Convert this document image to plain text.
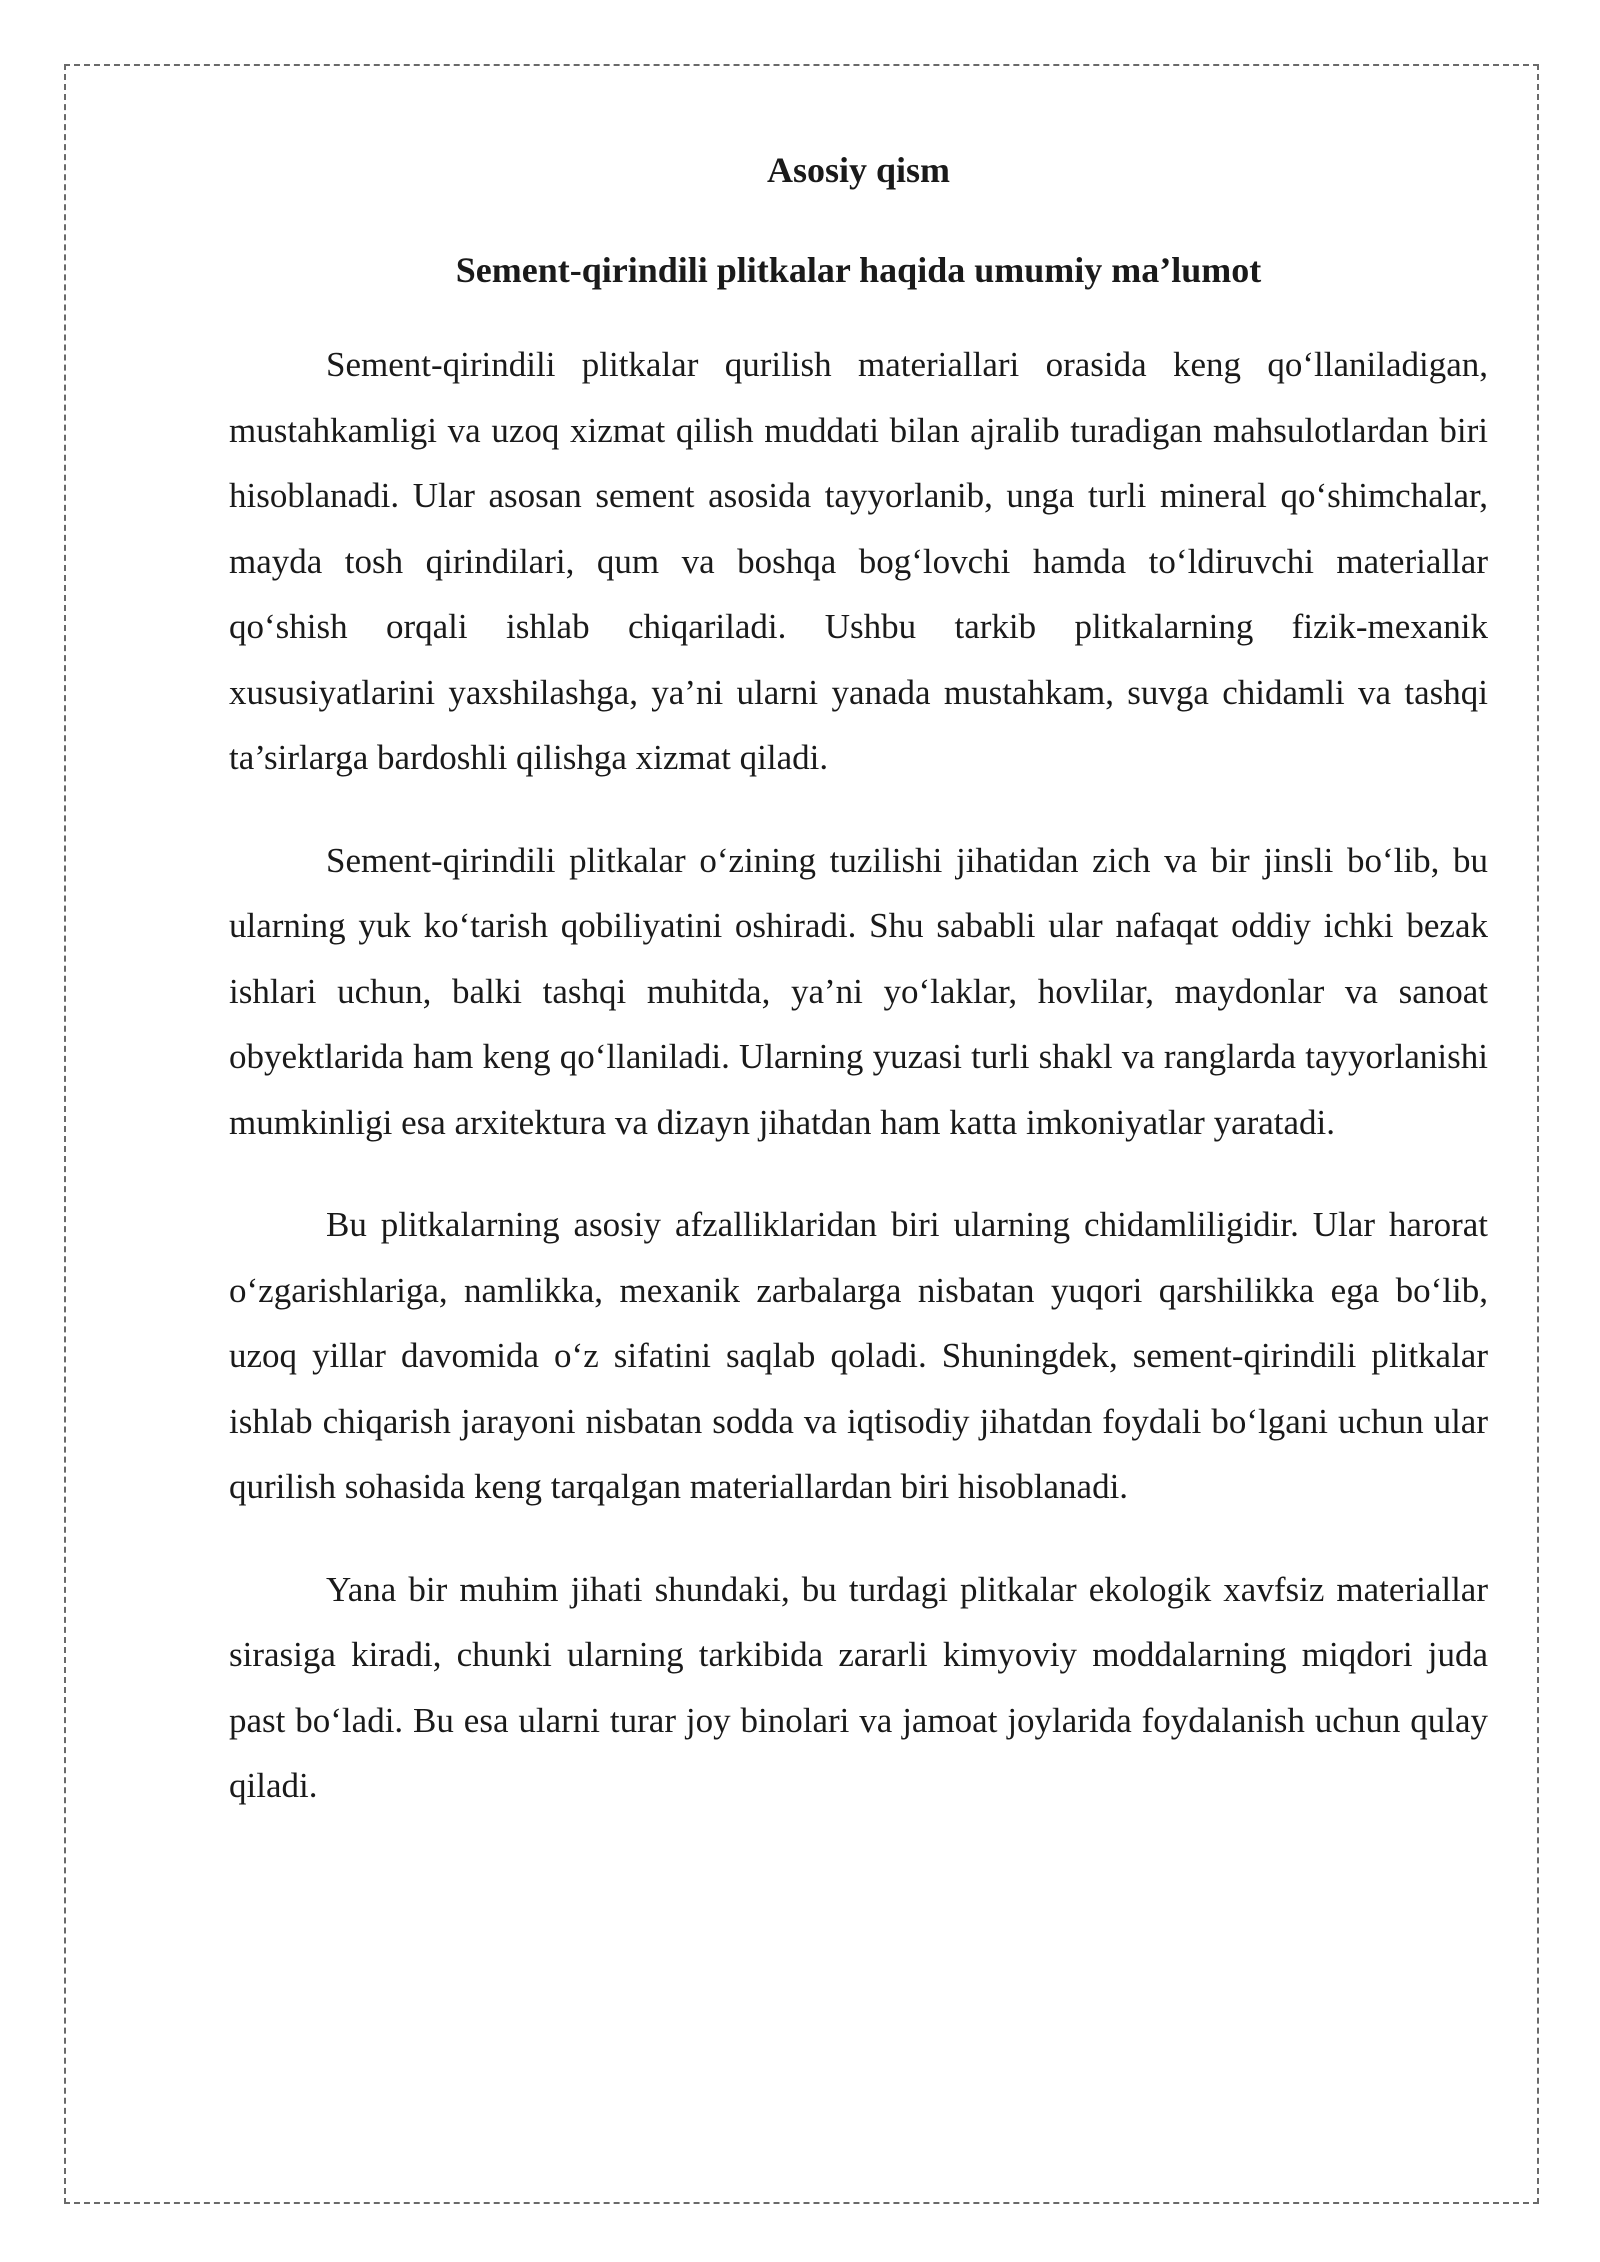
Asosiy qism
Sement-qirindili plitkalar haqida umumiy ma’lumot

Sement-qirindili plitkalar qurilish materiallari orasida keng qo‘llaniladigan, mustahkamligi va uzoq xizmat qilish muddati bilan ajralib turadigan mahsulotlardan biri hisoblanadi. Ular asosan sement asosida tayyorlanib, unga turli mineral qo‘shimchalar, mayda tosh qirindilari, qum va boshqa bog‘lovchi hamda to‘ldiruvchi materiallar qo‘shish orqali ishlab chiqariladi. Ushbu tarkib plitkalarning fizik-mexanik xususiyatlarini yaxshilashga, ya’ni ularni yanada mustahkam, suvga chidamli va tashqi ta’sirlarga bardoshli qilishga xizmat qiladi.

Sement-qirindili plitkalar o‘zining tuzilishi jihatidan zich va bir jinsli bo‘lib, bu ularning yuk ko‘tarish qobiliyatini oshiradi. Shu sababli ular nafaqat oddiy ichki bezak ishlari uchun, balki tashqi muhitda, ya’ni yo‘laklar, hovlilar, maydonlar va sanoat obyektlarida ham keng qo‘llaniladi. Ularning yuzasi turli shakl va ranglarda tayyorlanishi mumkinligi esa arxitektura va dizayn jihatdan ham katta imkoniyatlar yaratadi.

Bu plitkalarning asosiy afzalliklaridan biri ularning chidamliligidir. Ular harorat o‘zgarishlariga, namlikka, mexanik zarbalarga nisbatan yuqori qarshilikka ega bo‘lib, uzoq yillar davomida o‘z sifatini saqlab qoladi. Shuningdek, sement-qirindili plitkalar ishlab chiqarish jarayoni nisbatan sodda va iqtisodiy jihatdan foydali bo‘lgani uchun ular qurilish sohasida keng tarqalgan materiallardan biri hisoblanadi.

Yana bir muhim jihati shundaki, bu turdagi plitkalar ekologik xavfsiz materiallar sirasiga kiradi, chunki ularning tarkibida zararli kimyoviy moddalarning miqdori juda past bo‘ladi. Bu esa ularni turar joy binolari va jamoat joylarida foydalanish uchun qulay qiladi.
